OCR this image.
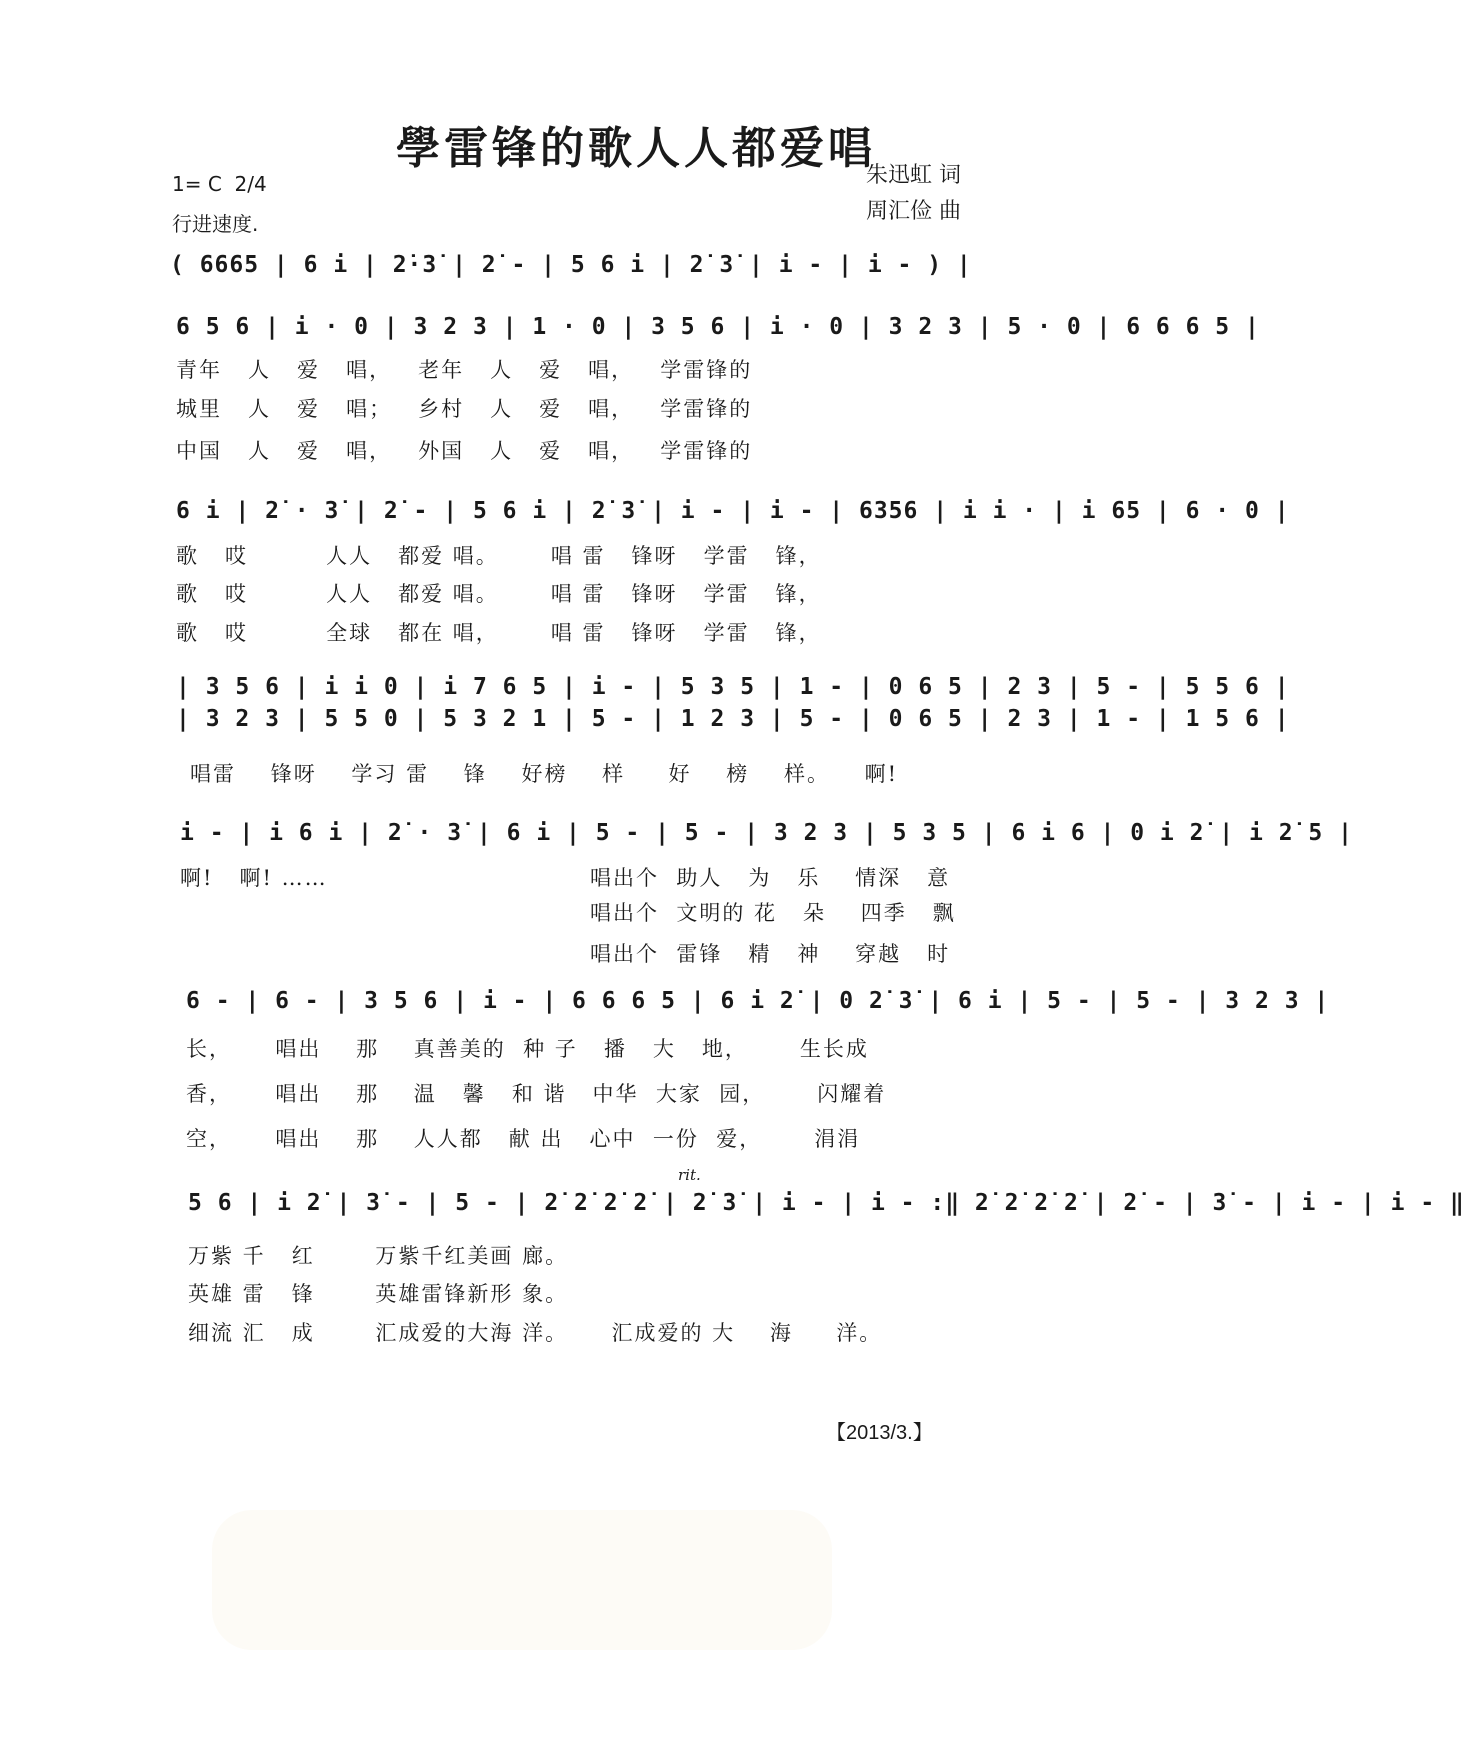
學雷锋的歌人人都爱唱
1= C  2/4
行进速度.
朱迅虹 词
周汇俭 曲
( 6665 | 6 i | 2̇·3̇ | 2̇ - | 5 6 i | 2̇ 3̇ | i - | i - ) |
6 5 6 | i · 0 | 3 2 3 | 1 · 0 | 3 5 6 | i · 0 | 3 2 3 | 5 · 0 | 6 6 6 5 |
青年   人   爱   唱，   老年   人   爱   唱，   学雷锋的
城里   人   爱   唱；   乡村   人   爱   唱，   学雷锋的
中国   人   爱   唱，   外国   人   爱   唱，   学雷锋的
6 i | 2̇ · 3̇ | 2̇ - | 5 6 i | 2̇ 3̇ | i - | i - | 6356 | i i · | i 65 | 6 · 0 |
歌   哎         人人   都爱 唱。      唱 雷   锋呀   学雷   锋，
歌   哎         人人   都爱 唱。      唱 雷   锋呀   学雷   锋，
歌   哎         全球   都在 唱，      唱 雷   锋呀   学雷   锋，
| 3 5 6 | i i 0 | i 7 6 5 | i - | 5 3 5 | 1 - | 0 6 5 | 2 3 | 5 - | 5 5 6 |
| 3 2 3 | 5 5 0 | 5 3 2 1 | 5 - | 1 2 3 | 5 - | 0 6 5 | 2 3 | 1 - | 1 5 6 |
唱雷    锋呀    学习 雷    锋    好榜    样     好    榜    样。    啊!
i - | i 6 i | 2̇ · 3̇ | 6 i | 5 - | 5 - | 3 2 3 | 5 3 5 | 6 i 6 | 0 i 2̇ | i 2̇ 5 |
啊!   啊! ……	唱出个  助人   为   乐    情深   意
唱出个  文明的 花   朵    四季   飘
唱出个  雷锋   精   神    穿越   时
6 - | 6 - | 3 5 6 | i - | 6 6 6 5 | 6 i 2̇ | 0 2̇ 3̇ | 6 i | 5 - | 5 - | 3 2 3 |
长，     唱出    那    真善美的  种 子   播   大   地，      生长成
香，     唱出    那    温   馨   和 谐   中华  大家  园，      闪耀着
空，     唱出    那    人人都   献 出   心中  一份  爱，      涓涓
rit.
5 6 | i 2̇ | 3̇ - | 5 - | 2̇ 2̇ 2̇ 2̇ | 2̇ 3̇ | i - | i - :‖ 2̇ 2̇ 2̇ 2̇ | 2̇ - | 3̇ - | i - | i - ‖
万紫 千   红       万紫千红美画 廊。
英雄 雷   锋       英雄雷锋新形 象。
细流 汇   成       汇成爱的大海 洋。     汇成爱的 大    海     洋。
【2013/3.】
